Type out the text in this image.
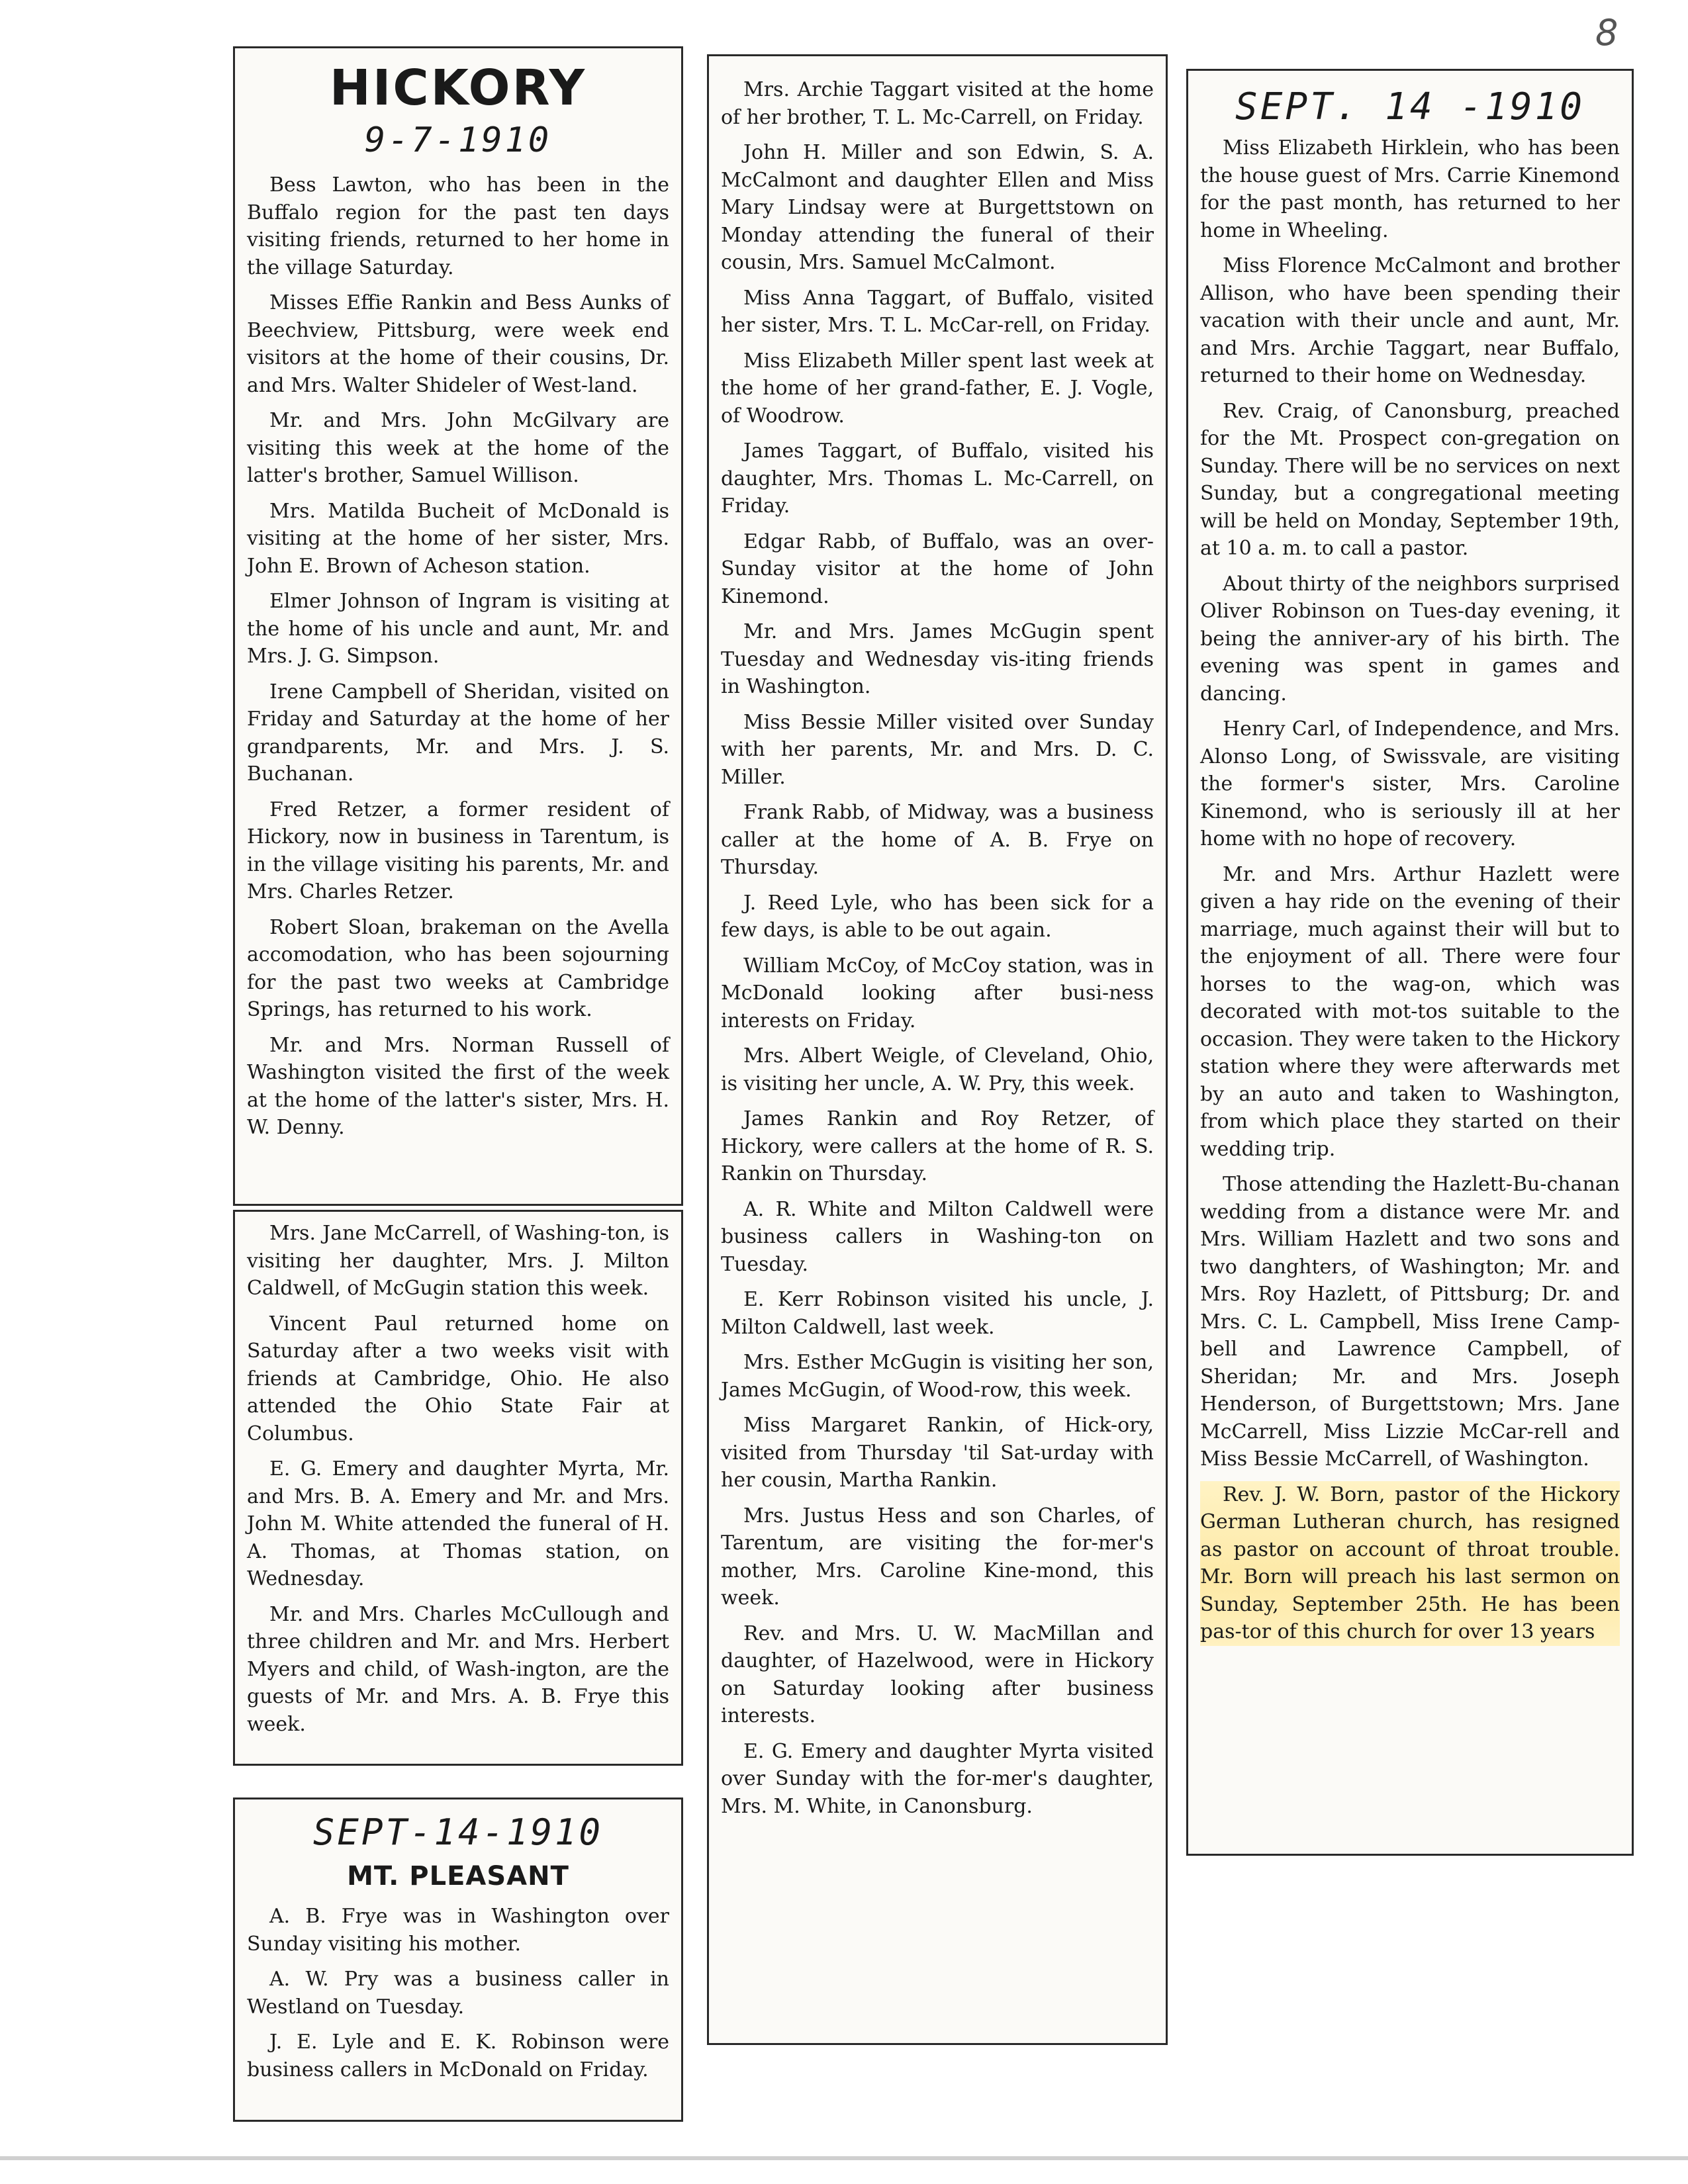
8
HICKORY
9-7-1910

Bess Lawton, who has been in the Buffalo region for the past ten days visiting friends, returned to her home in the village Saturday.

Misses Effie Rankin and Bess Aunks of Beechview, Pittsburg, were week end visitors at the home of their cousins, Dr. and Mrs. Walter Shideler of West-land.

Mr. and Mrs. John McGilvary are visiting this week at the home of the latter's brother, Samuel Willison.

Mrs. Matilda Bucheit of McDonald is visiting at the home of her sister, Mrs. John E. Brown of Acheson station.

Elmer Johnson of Ingram is visiting at the home of his uncle and aunt, Mr. and Mrs. J. G. Simpson.

Irene Campbell of Sheridan, visited on Friday and Saturday at the home of her grandparents, Mr. and Mrs. J. S. Buchanan.

Fred Retzer, a former resident of Hickory, now in business in Tarentum, is in the village visiting his parents, Mr. and Mrs. Charles Retzer.

Robert Sloan, brakeman on the Avella accomodation, who has been sojourning for the past two weeks at Cambridge Springs, has returned to his work.

Mr. and Mrs. Norman Russell of Washington visited the first of the week at the home of the latter's sister, Mrs. H. W. Denny.

Mrs. Jane McCarrell, of Washing-ton, is visiting her daughter, Mrs. J. Milton Caldwell, of McGugin station this week.

Vincent Paul returned home on Saturday after a two weeks visit with friends at Cambridge, Ohio. He also attended the Ohio State Fair at Columbus.

E. G. Emery and daughter Myrta, Mr. and Mrs. B. A. Emery and Mr. and Mrs. John M. White attended the funeral of H. A. Thomas, at Thomas station, on Wednesday.

Mr. and Mrs. Charles McCullough and three children and Mr. and Mrs. Herbert Myers and child, of Wash-ington, are the guests of Mr. and Mrs. A. B. Frye this week.

SEPT-14-1910
MT. PLEASANT

A. B. Frye was in Washington over Sunday visiting his mother.

A. W. Pry was a business caller in Westland on Tuesday.

J. E. Lyle and E. K. Robinson were business callers in McDonald on Friday.

Mrs. Archie Taggart visited at the home of her brother, T. L. Mc-Carrell, on Friday.

John H. Miller and son Edwin, S. A. McCalmont and daughter Ellen and Miss Mary Lindsay were at Burgettstown on Monday attending the funeral of their cousin, Mrs. Samuel McCalmont.

Miss Anna Taggart, of Buffalo, visited her sister, Mrs. T. L. McCar-rell, on Friday.

Miss Elizabeth Miller spent last week at the home of her grand-father, E. J. Vogle, of Woodrow.

James Taggart, of Buffalo, visited his daughter, Mrs. Thomas L. Mc-Carrell, on Friday.

Edgar Rabb, of Buffalo, was an over-Sunday visitor at the home of John Kinemond.

Mr. and Mrs. James McGugin spent Tuesday and Wednesday vis-iting friends in Washington.

Miss Bessie Miller visited over Sunday with her parents, Mr. and Mrs. D. C. Miller.

Frank Rabb, of Midway, was a business caller at the home of A. B. Frye on Thursday.

J. Reed Lyle, who has been sick for a few days, is able to be out again.

William McCoy, of McCoy station, was in McDonald looking after busi-ness interests on Friday.

Mrs. Albert Weigle, of Cleveland, Ohio, is visiting her uncle, A. W. Pry, this week.

James Rankin and Roy Retzer, of Hickory, were callers at the home of R. S. Rankin on Thursday.

A. R. White and Milton Caldwell were business callers in Washing-ton on Tuesday.

E. Kerr Robinson visited his uncle, J. Milton Caldwell, last week.

Mrs. Esther McGugin is visiting her son, James McGugin, of Wood-row, this week.

Miss Margaret Rankin, of Hick-ory, visited from Thursday 'til Sat-urday with her cousin, Martha Rankin.

Mrs. Justus Hess and son Charles, of Tarentum, are visiting the for-mer's mother, Mrs. Caroline Kine-mond, this week.

Rev. and Mrs. U. W. MacMillan and daughter, of Hazelwood, were in Hickory on Saturday looking after business interests.

E. G. Emery and daughter Myrta visited over Sunday with the for-mer's daughter, Mrs. M. White, in Canonsburg.

SEPT. 14 -1910

Miss Elizabeth Hirklein, who has been the house guest of Mrs. Carrie Kinemond for the past month, has returned to her home in Wheeling.

Miss Florence McCalmont and brother Allison, who have been spending their vacation with their uncle and aunt, Mr. and Mrs. Archie Taggart, near Buffalo, returned to their home on Wednesday.

Rev. Craig, of Canonsburg, preached for the Mt. Prospect con-gregation on Sunday. There will be no services on next Sunday, but a congregational meeting will be held on Monday, September 19th, at 10 a. m. to call a pastor.

About thirty of the neighbors surprised Oliver Robinson on Tues-day evening, it being the anniver-ary of his birth. The evening was spent in games and dancing.

Henry Carl, of Independence, and Mrs. Alonso Long, of Swissvale, are visiting the former's sister, Mrs. Caroline Kinemond, who is seriously ill at her home with no hope of recovery.

Mr. and Mrs. Arthur Hazlett were given a hay ride on the evening of their marriage, much against their will but to the enjoyment of all. There were four horses to the wag-on, which was decorated with mot-tos suitable to the occasion. They were taken to the Hickory station where they were afterwards met by an auto and taken to Washington, from which place they started on their wedding trip.

Those attending the Hazlett-Bu-chanan wedding from a distance were Mr. and Mrs. William Hazlett and two sons and two danghters, of Washington; Mr. and Mrs. Roy Hazlett, of Pittsburg; Dr. and Mrs. C. L. Campbell, Miss Irene Camp-bell and Lawrence Campbell, of Sheridan; Mr. and Mrs. Joseph Henderson, of Burgettstown; Mrs. Jane McCarrell, Miss Lizzie McCar-rell and Miss Bessie McCarrell, of Washington.

Rev. J. W. Born, pastor of the Hickory German Lutheran church, has resigned as pastor on account of throat trouble. Mr. Born will preach his last sermon on Sunday, September 25th. He has been pas-tor of this church for over 13 years
